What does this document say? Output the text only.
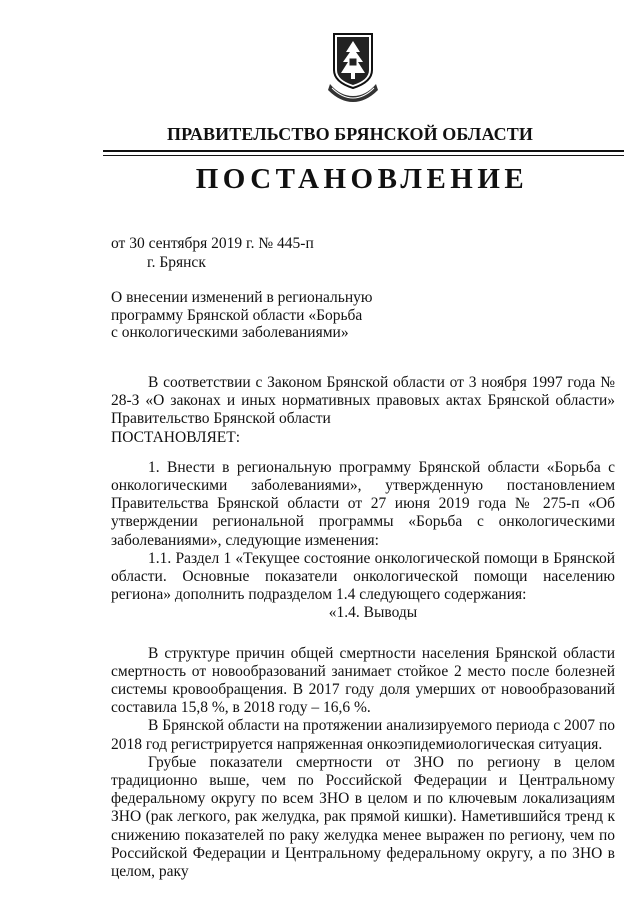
ПРАВИТЕЛЬСТВО БРЯНСКОЙ ОБЛАСТИ
ПОСТАНОВЛЕНИЕ
от 30 сентября 2019 г. № 445-п
г. Брянск
О внесении изменений в региональную
программу Брянской области «Борьба
с онкологическими заболеваниями»

В соответствии с Законом Брянской области от 3 ноября 1997 года № 28-З «О законах и иных нормативных правовых актах Брянской области» Правительство Брянской области

ПОСТАНОВЛЯЕТ:

1. Внести в региональную программу Брянской области «Борьба с онкологическими заболеваниями», утвержденную постановлением Правительства Брянской области от 27 июня 2019 года № 275-п «Об утверждении региональной программы «Борьба с онкологическими заболеваниями», следующие изменения:

1.1. Раздел 1 «Текущее состояние онкологической помощи в Брянской области. Основные показатели онкологической помощи населению региона» дополнить подразделом 1.4 следующего содержания:

«1.4. Выводы

В структуре причин общей смертности населения Брянской области смертность от новообразований занимает стойкое 2 место после болезней системы кровообращения. В 2017 году доля умерших от новообразований составила 15,8 %, в 2018 году – 16,6 %.

В Брянской области на протяжении анализируемого периода с 2007 по 2018 год регистрируется напряженная онкоэпидемиологическая ситуация.

Грубые показатели смертности от ЗНО по региону в целом традиционно выше, чем по Российской Федерации и Центральному федеральному округу по всем ЗНО в целом и по ключевым локализациям ЗНО (рак легкого, рак желудка, рак прямой кишки). Наметившийся тренд к снижению показателей по раку желудка менее выражен по региону, чем по Российской Федерации и Центральному федеральному округу, а по ЗНО в целом, раку
